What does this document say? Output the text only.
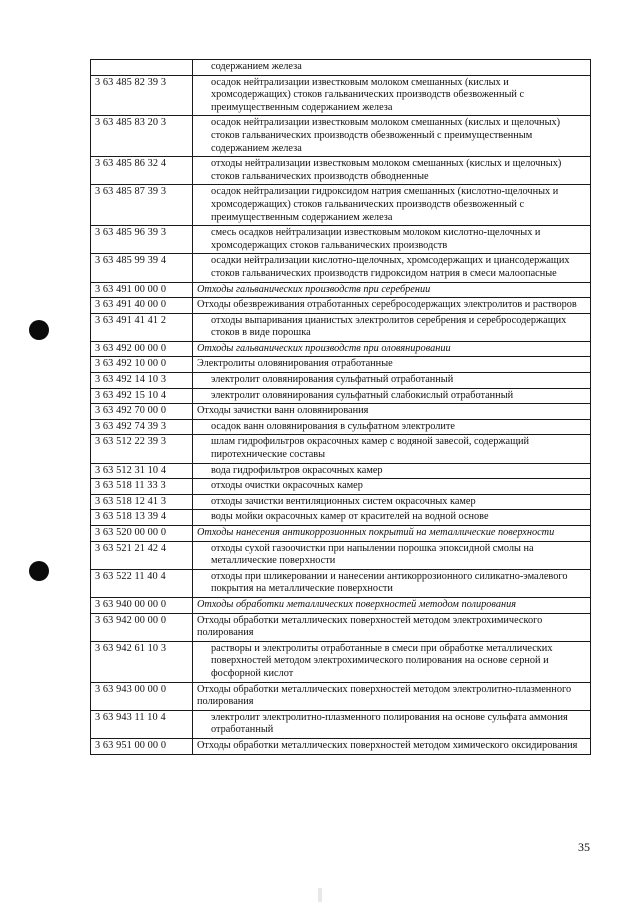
	содержанием железа
3 63 485 82 39 3	осадок нейтрализации известковым молоком смешанных (кислых и хромсодержащих) стоков гальванических производств обезвоженный с преимущественным содержанием железа
3 63 485 83 20 3	осадок нейтрализации известковым молоком смешанных (кислых и щелочных) стоков гальванических производств обезвоженный с преимущественным содержанием железа
3 63 485 86 32 4	отходы нейтрализации известковым молоком смешанных (кислых и щелочных) стоков гальванических производств обводненные
3 63 485 87 39 3	осадок нейтрализации гидроксидом натрия смешанных (кислотно-щелочных и хромсодержащих) стоков гальванических производств обезвоженный с преимущественным содержанием железа
3 63 485 96 39 3	смесь осадков нейтрализации известковым молоком кислотно-щелочных и хромсодержащих стоков гальванических производств
3 63 485 99 39 4	осадки нейтрализации кислотно-щелочных, хромсодержащих и циансодержащих стоков гальванических производств гидроксидом натрия в смеси малоопасные
3 63 491 00 00 0	Отходы гальванических производств при серебрении
3 63 491 40 00 0	Отходы обезвреживания отработанных серебросодержащих электролитов и растворов
3 63 491 41 41 2	отходы выпаривания цианистых электролитов серебрения и серебросодержащих стоков в виде порошка
3 63 492 00 00 0	Отходы гальванических производств при оловянировании
3 63 492 10 00 0	Электролиты оловянирования отработанные
3 63 492 14 10 3	электролит оловянирования сульфатный отработанный
3 63 492 15 10 4	электролит оловянирования сульфатный слабокислый отработанный
3 63 492 70 00 0	Отходы зачистки ванн оловянирования
3 63 492 74 39 3	осадок ванн оловянирования в сульфатном электролите
3 63 512 22 39 3	шлам гидрофильтров окрасочных камер с водяной завесой, содержащий пиротехнические составы
3 63 512 31 10 4	вода гидрофильтров окрасочных камер
3 63 518 11 33 3	отходы очистки окрасочных камер
3 63 518 12 41 3	отходы зачистки вентиляционных систем окрасочных камер
3 63 518 13 39 4	воды мойки окрасочных камер от красителей на водной основе
3 63 520 00 00 0	Отходы нанесения антикоррозионных покрытий на металлические поверхности
3 63 521 21 42 4	отходы сухой газоочистки при напылении порошка эпоксидной смолы на металлические поверхности
3 63 522 11 40 4	отходы при шликеровании и нанесении антикоррозионного силикатно-эмалевого покрытия на металлические поверхности
3 63 940 00 00 0	Отходы обработки металлических поверхностей методом полирования
3 63 942 00 00 0	Отходы обработки металлических поверхностей методом электрохимического полирования
3 63 942 61 10 3	растворы и электролиты отработанные в смеси при обработке металлических поверхностей методом электрохимического полирования на основе серной и фосфорной кислот
3 63 943 00 00 0	Отходы обработки металлических поверхностей методом электролитно-плазменного полирования
3 63 943 11 10 4	электролит электролитно-плазменного полирования на основе сульфата аммония отработанный
3 63 951 00 00 0	Отходы обработки металлических поверхностей методом химического оксидирования
35
